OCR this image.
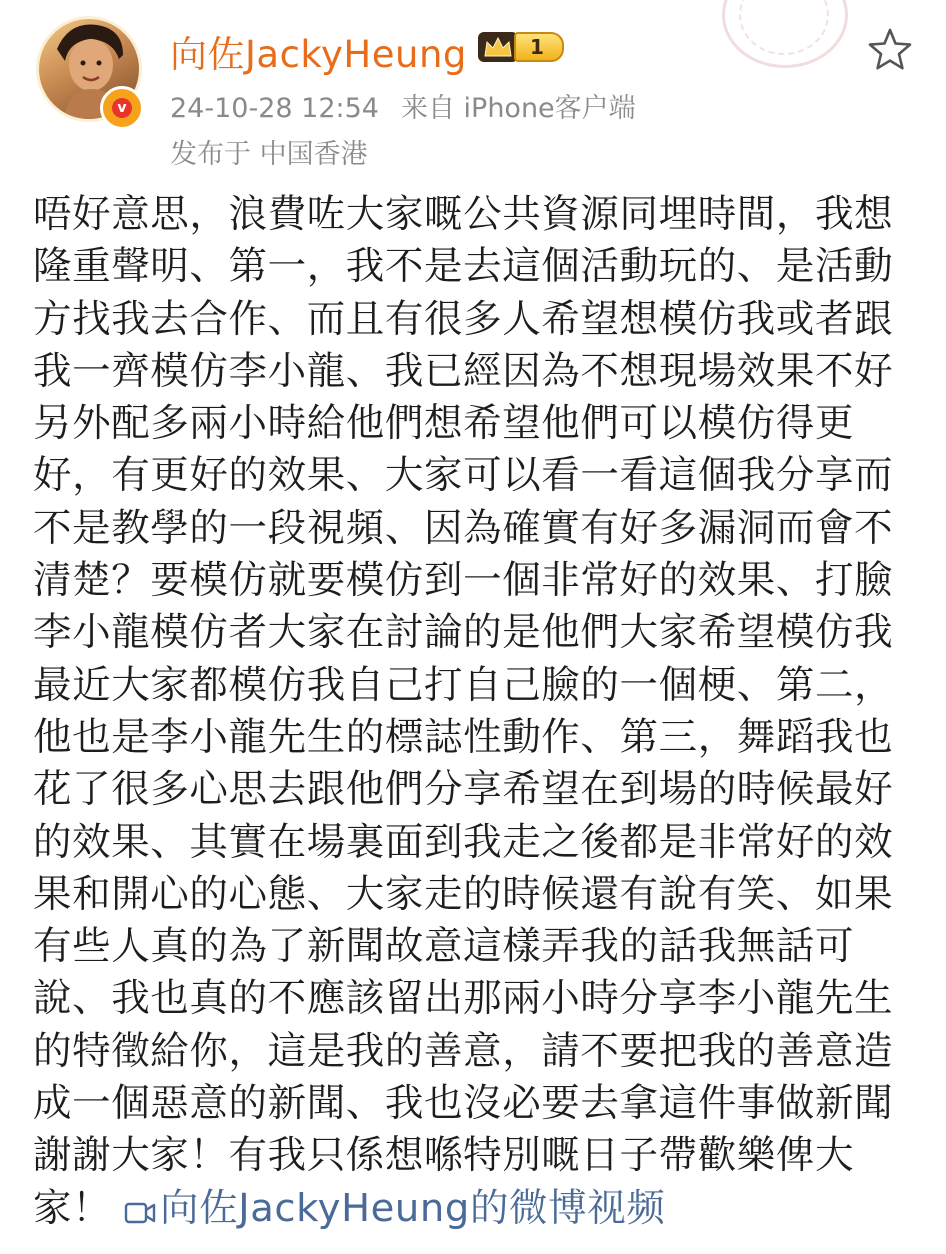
v
向佐JackyHeung	1
24-10-28 12:54 来自 iPhone客户端
发布于 中国香港
唔好意思，浪費咗大家嘅公共資源同埋時間，我想
隆重聲明、第一，我不是去這個活動玩的、是活動
方找我去合作、而且有很多人希望想模仿我或者跟
我一齊模仿李小龍、我已經因為不想現場效果不好
另外配多兩小時給他們想希望他們可以模仿得更
好，有更好的效果、大家可以看一看這個我分享而
不是教學的一段視頻、因為確實有好多漏洞而會不
清楚？要模仿就要模仿到一個非常好的效果、打臉
李小龍模仿者大家在討論的是他們大家希望模仿我
最近大家都模仿我自己打自己臉的一個梗、第二，
他也是李小龍先生的標誌性動作、第三，舞蹈我也
花了很多心思去跟他們分享希望在到場的時候最好
的效果、其實在場裏面到我走之後都是非常好的效
果和開心的心態、大家走的時候還有說有笑、如果
有些人真的為了新聞故意這樣弄我的話我無話可
說、我也真的不應該留出那兩小時分享李小龍先生
的特徵給你，這是我的善意，請不要把我的善意造
成一個惡意的新聞、我也沒必要去拿這件事做新聞
謝謝大家！有我只係想喺特別嘅日子帶歡樂俾大
家！ 向佐JackyHeung的微博视频
